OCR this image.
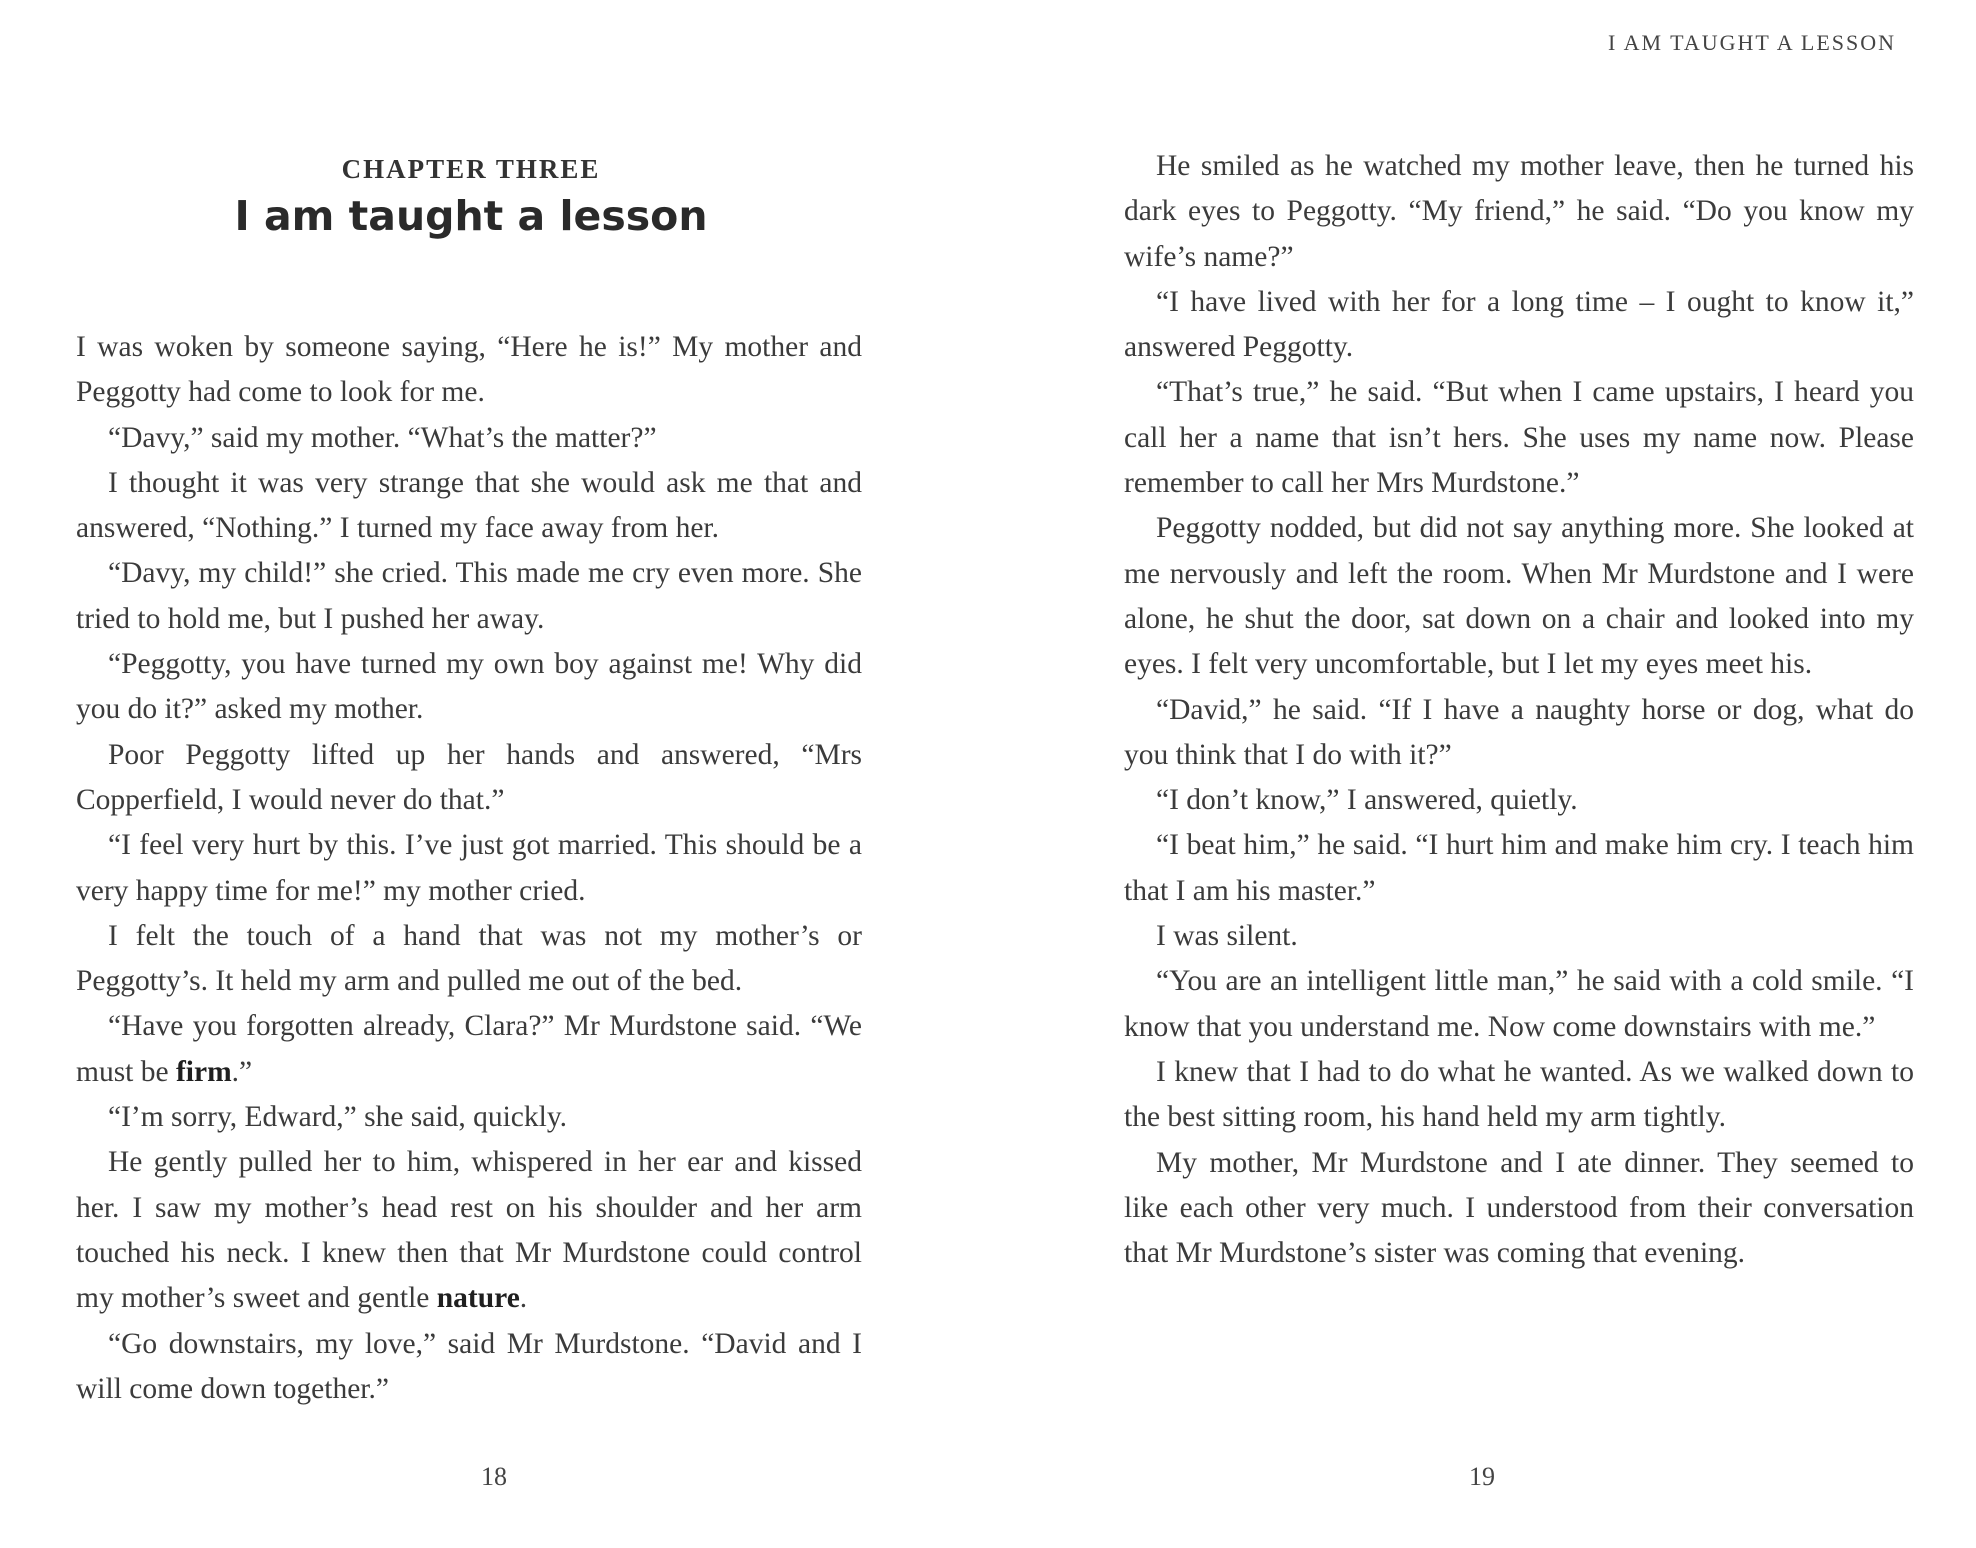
CHAPTER THREE
I am taught a lesson

I was woken by someone saying, “Here he is!” My mother and Peggotty had come to look for me.

“Davy,” said my mother. “What’s the matter?”

I thought it was very strange that she would ask me that and answered, “Nothing.” I turned my face away from her.

“Davy, my child!” she cried. This made me cry even more. She tried to hold me, but I pushed her away.

“Peggotty, you have turned my own boy against me! Why did you do it?” asked my mother.

Poor Peggotty lifted up her hands and answered, “Mrs Copperfield, I would never do that.”

“I feel very hurt by this. I’ve just got married. This should be a very happy time for me!” my mother cried.

I felt the touch of a hand that was not my mother’s or Peggotty’s. It held my arm and pulled me out of the bed.

“Have you forgotten already, Clara?” Mr Murdstone said. “We must be firm.”

“I’m sorry, Edward,” she said, quickly.

He gently pulled her to him, whispered in her ear and kissed her. I saw my mother’s head rest on his shoulder and her arm touched his neck. I knew then that Mr Murdstone could control my mother’s sweet and gentle nature.

“Go downstairs, my love,” said Mr Murdstone. “David and I will come down together.”

18
I AM TAUGHT A LESSON

He smiled as he watched my mother leave, then he turned his dark eyes to Peggotty. “My friend,” he said. “Do you know my wife’s name?”

“I have lived with her for a long time – I ought to know it,” answered Peggotty.

“That’s true,” he said. “But when I came upstairs, I heard you call her a name that isn’t hers. She uses my name now. Please remember to call her Mrs Murdstone.”

Peggotty nodded, but did not say anything more. She looked at me nervously and left the room. When Mr Murdstone and I were alone, he shut the door, sat down on a chair and looked into my eyes. I felt very uncomfortable, but I let my eyes meet his.

“David,” he said. “If I have a naughty horse or dog, what do you think that I do with it?”

“I don’t know,” I answered, quietly.

“I beat him,” he said. “I hurt him and make him cry. I teach him that I am his master.”

I was silent.

“You are an intelligent little man,” he said with a cold smile. “I know that you understand me. Now come downstairs with me.”

I knew that I had to do what he wanted. As we walked down to the best sitting room, his hand held my arm tightly.

My mother, Mr Murdstone and I ate dinner. They seemed to like each other very much. I understood from their conversation that Mr Murdstone’s sister was coming that evening.

19
